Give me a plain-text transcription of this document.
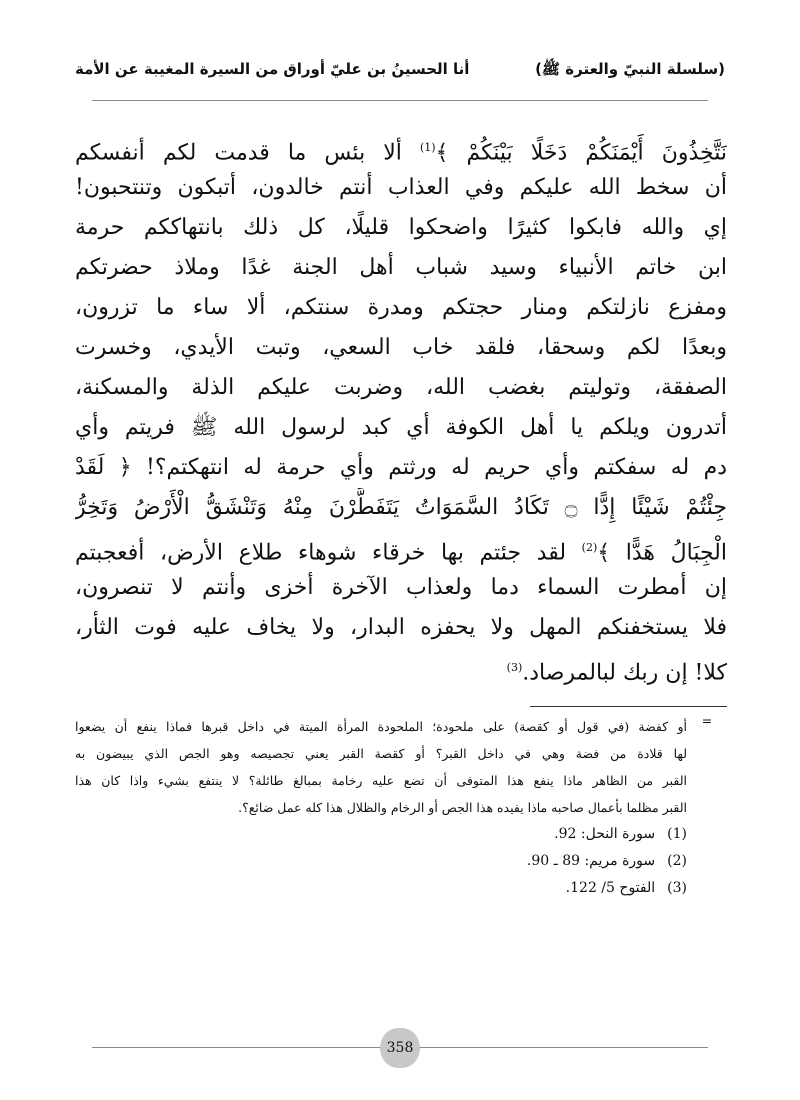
(سلسلة النبيّ والعترة ﷺ)
أنا الحسينُ بن عليّ أوراق من السيرة المغيبة عن الأمة
نَتَّخِذُونَ أَيْمَنَكُمْ دَخَلًا بَيْنَكُمْ ﴾$^{(1)}$ ألا بئس ما قدمت لكم أنفسكم
أن سخط الله عليكم وفي العذاب أنتم خالدون، أتبكون وتنتحبون!
إي والله فابكوا كثيرًا واضحكوا قليلًا، كل ذلك بانتهاككم حرمة
ابن خاتم الأنبياء وسيد شباب أهل الجنة غدًا وملاذ حضرتكم
ومفزع نازلتكم ومنار حجتكم ومدرة سنتكم، ألا ساء ما تزرون،
وبعدًا لكم وسحقا، فلقد خاب السعي، وتبت الأيدي، وخسرت
الصفقة، وتوليتم بغضب الله، وضربت عليكم الذلة والمسكنة،
أتدرون ويلكم يا أهل الكوفة أي كبد لرسول الله ﷺ فريتم وأي
دم له سفكتم وأي حريم له ورثتم وأي حرمة له انتهكتم؟! ﴿ لَقَدْ
جِئْتُمْ شَيْئًا إِدًّا ۝ تَكَادُ السَّمَوَاتُ يَتَفَطَّرْنَ مِنْهُ وَتَنْشَقُّ الْأَرْضُ وَتَخِرُّ
الْجِبَالُ هَدًّا ﴾$^{(2)}$ لقد جئتم بها خرقاء شوهاء طلاع الأرض، أفعجبتم
إن أمطرت السماء دما ولعذاب الآخرة أخزى وأنتم لا تنصرون،
فلا يستخفنكم المهل ولا يحفزه البدار، ولا يخاف عليه فوت الثأر،
كلا! إن ربك لبالمرصاد.$^{(3)}$
=
أو كفضة (في قول أو كقصة) على ملحودة؛ الملحودة المرأة الميتة في داخل قبرها فماذا ينفع أن يضعوا
لها قلادة من فضة وهي في داخل القبر؟ أو كقصة القبر يعني تجصيصه وهو الجص الذي يبيضون به
القبر من الظاهر ماذا ينفع هذا المتوفى أن تضع عليه رخامة بمبالغ طائلة؟ لا ينتفع بشيء واذا كان هذا
القبر مظلما بأعمال صاحبه ماذا يفيده هذا الجص أو الرخام والظلال هذا كله عمل ضائع؟.
(1)
سورة النحل: 92.
(2)
سورة مريم: 89 ـ 90.
(3)
الفتوح 5/ 122.
358
